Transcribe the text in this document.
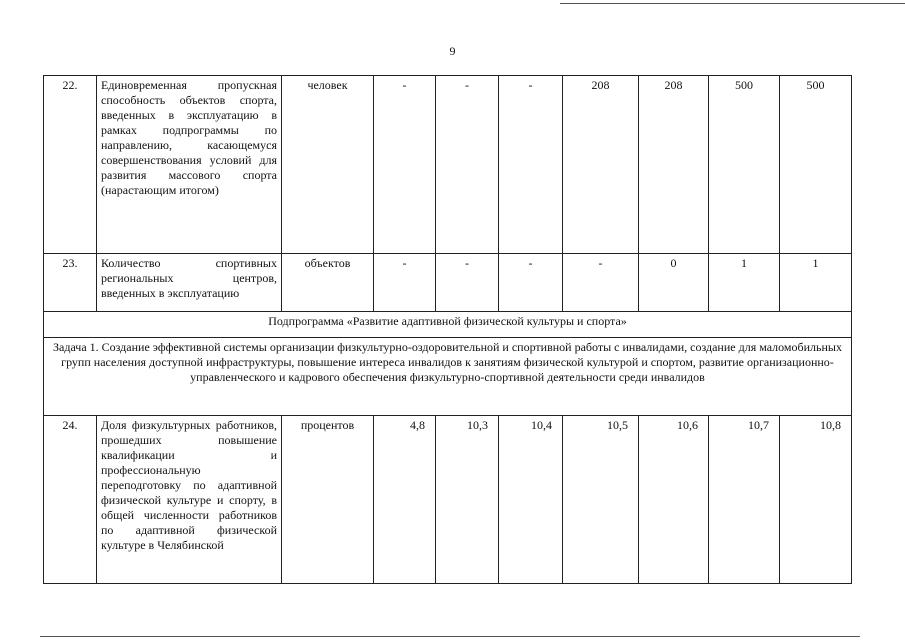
9
22.	Единовременная пропускная способность объектов спорта, введенных в эксплуатацию в рамках подпрограммы по направлению, касающемуся совершенствования условий для развития массового спорта (нарастающим итогом)	человек	-	-	-	208	208	500	500
23.	Количество спортивных региональных центров, введенных в эксплуатацию	объектов	-	-	-	-	0	1	1
Подпрограмма «Развитие адаптивной физической культуры и спорта»									
Задача 1. Создание эффективной системы организации физкультурно-оздоровительной и спортивной работы с инвалидами, создание для маломобильных групп населения доступной инфраструктуры, повышение интереса инвалидов к занятиям физической культурой и спортом, развитие организационно-управленческого и кадрового обеспечения физкультурно-спортивной деятельности среди инвалидов									
24.	Доля физкультурных работников, прошедших повышение квалификации и профессиональную переподготовку по адаптивной физической культуре и спорту, в общей численности работников по адаптивной физической культуре в Челябинской	процентов	4,8	10,3	10,4	10,5	10,6	10,7	10,8
